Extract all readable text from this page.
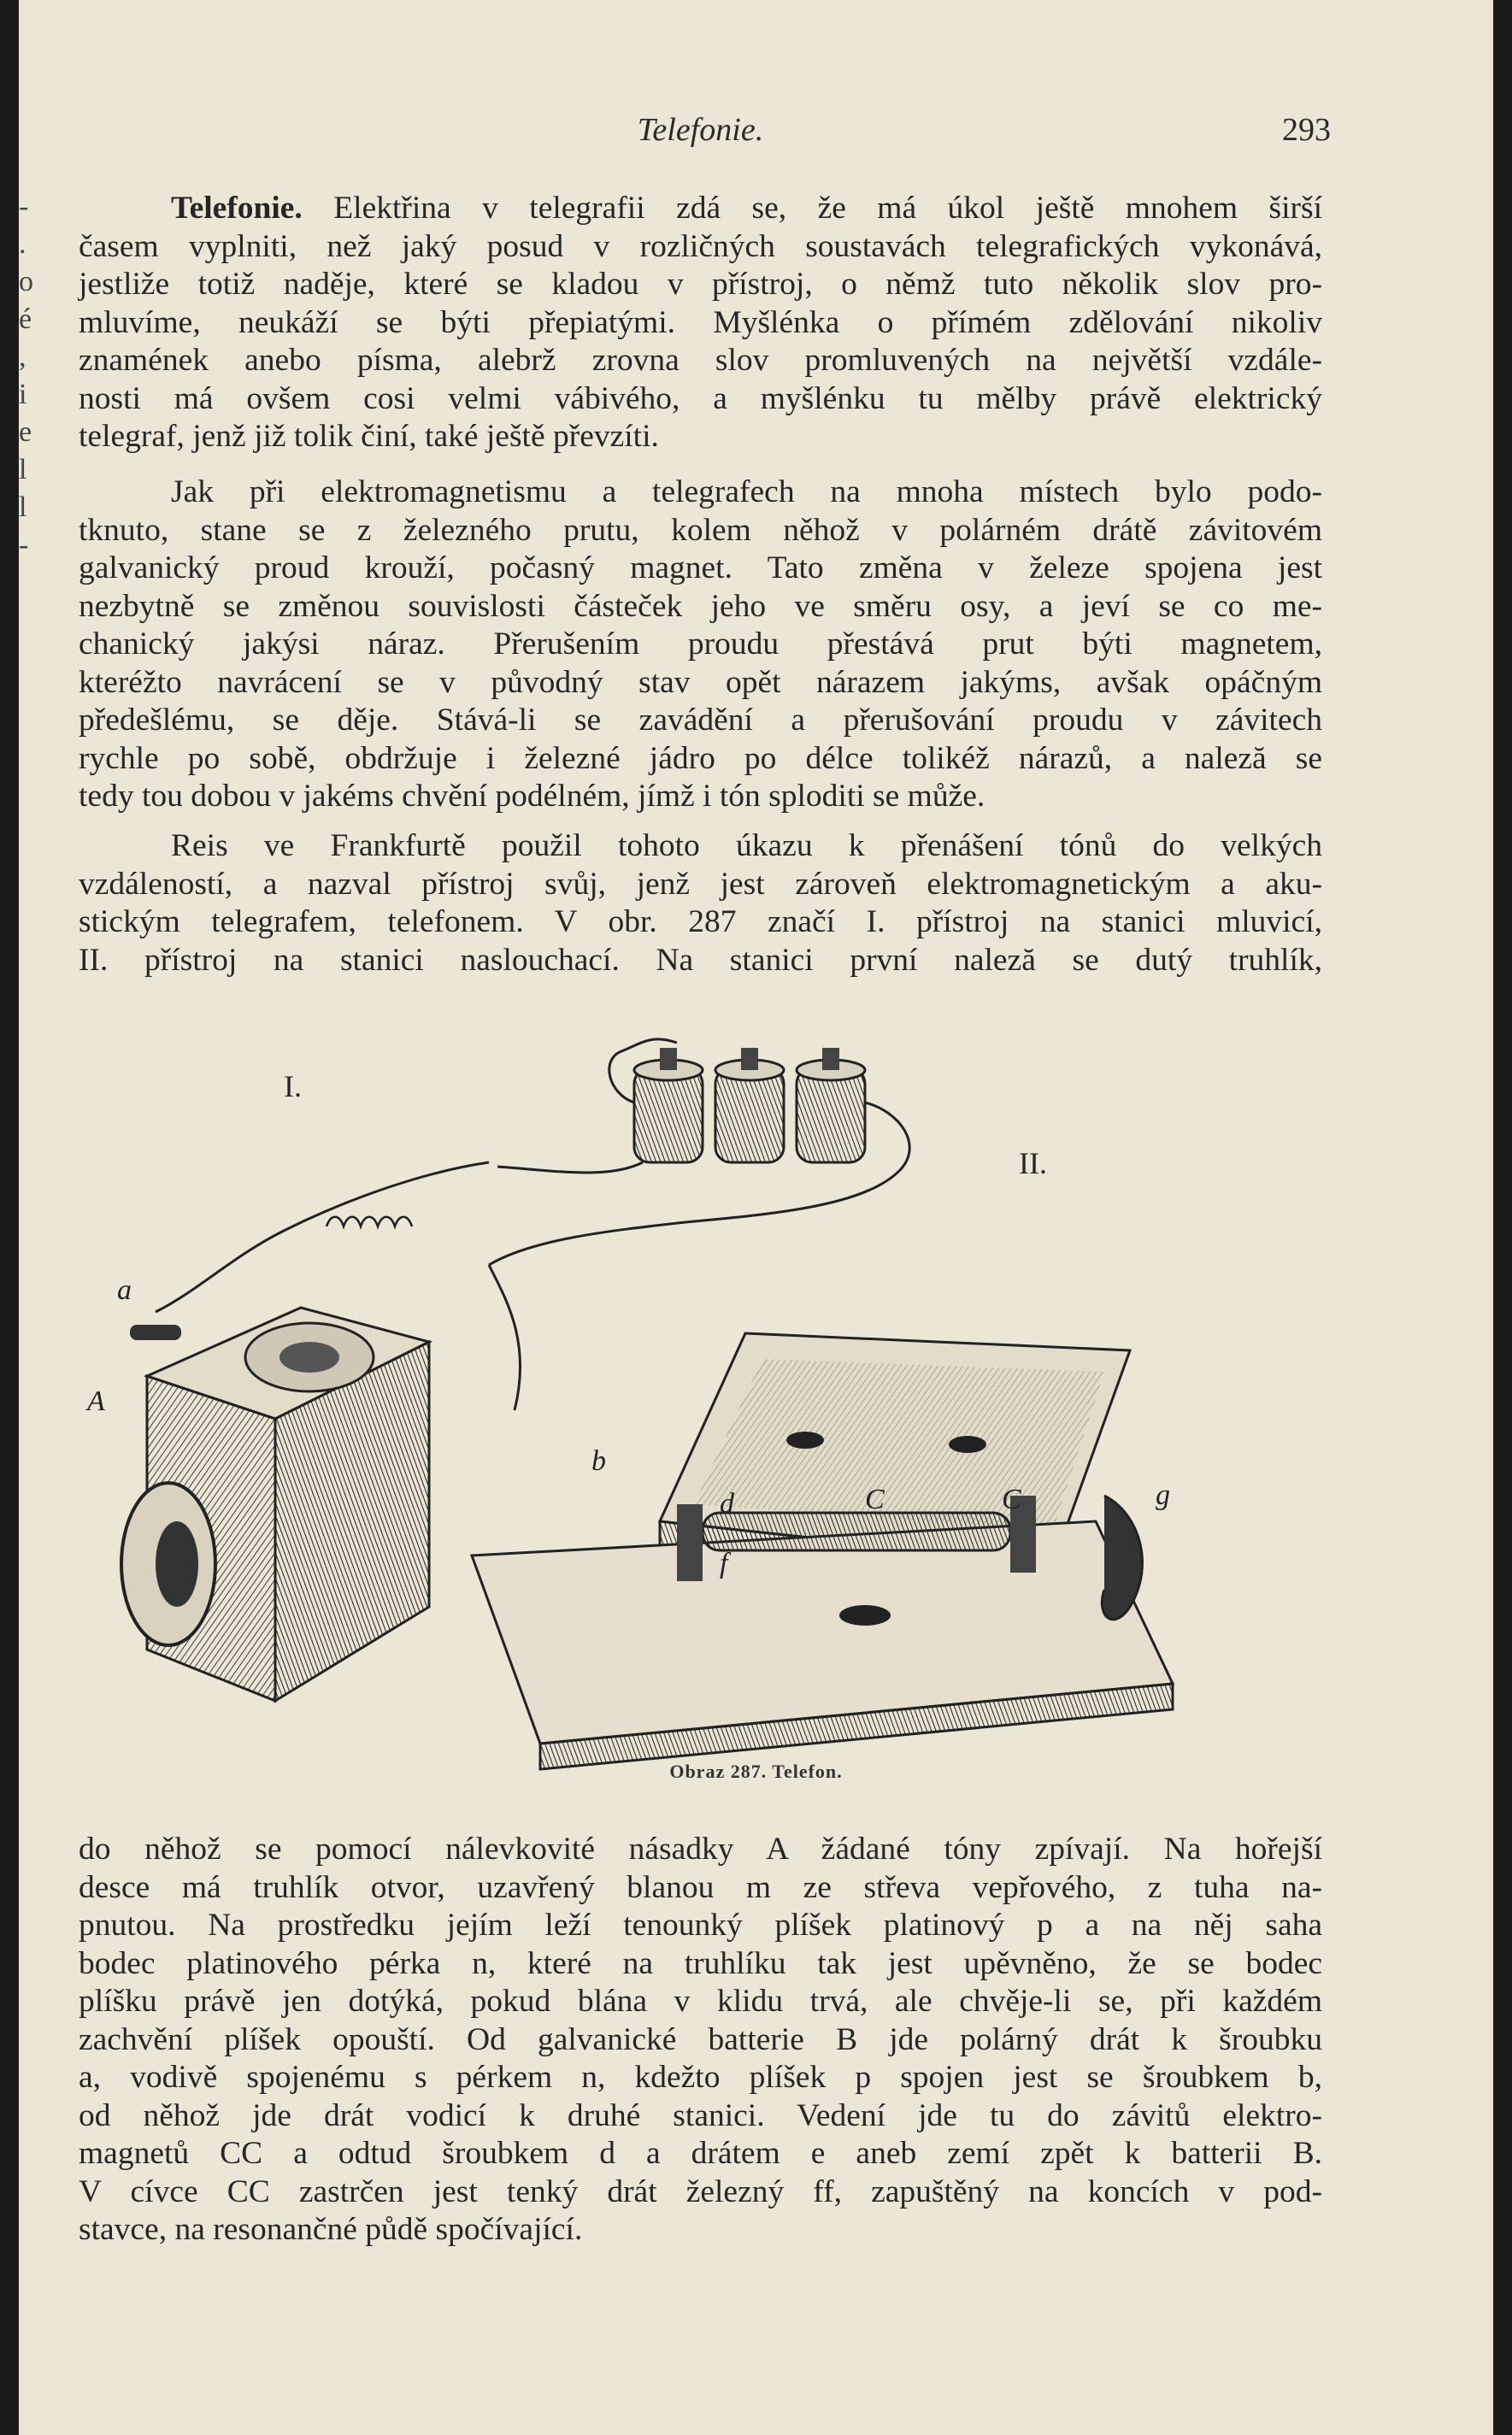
-
.
o
é
,
i
e
l
l
-
Telefonie.	293
Telefonie. Elektřina v telegrafii zdá se, že má úkol ještě mnohem širší
časem vyplniti, než jaký posud v rozličných soustavách telegrafických vykonává,
jestliže totiž naděje, které se kladou v přístroj, o němž tuto několik slov pro-
mluvíme, neukáží se býti přepiatými. Myšlénka o přímém zdělování nikoliv
znamének anebo písma, alebrž zrovna slov promluvených na největší vzdále-
nosti má ovšem cosi velmi vábivého, a myšlénku tu mělby právě elektrický
telegraf, jenž již tolik činí, také ještě převzíti.
Jak při elektromagnetismu a telegrafech na mnoha místech bylo podo-
tknuto, stane se z železného prutu, kolem něhož v polárném drátě závitovém
galvanický proud krouží, počasný magnet. Tato změna v železe spojena jest
nezbytně se změnou souvislosti částeček jeho ve směru osy, a jeví se co me-
chanický jakýsi náraz. Přerušením proudu přestává prut býti magnetem,
kteréžto navrácení se v původný stav opět nárazem jakýms, avšak opáčným
předešlému, se děje. Stává-li se zavádění a přerušování proudu v závitech
rychle po sobě, obdržuje i železné jádro po délce tolikéž nárazů, a naleză se
tedy tou dobou v jakéms chvění podélném, jímž i tón sploditi se může.
Reis ve Frankfurtě použil tohoto úkazu k přenášení tónů do velkých
vzdáleností, a nazval přístroj svůj, jenž jest zároveň elektromagnetickým a aku-
stickým telegrafem, telefonem. V obr. 287 značí I. přístroj na stanici mluvicí,
II. přístroj na stanici naslouchací. Na stanici první naleză se dutý truhlík,
a
A
b
d
f
C	C	g
I.
II.
Obraz 287. Telefon.
do něhož se pomocí nálevkovité násadky A žádané tóny zpívají. Na hořejší
desce má truhlík otvor, uzavřený blanou m ze střeva vepřového, z tuha na-
pnutou. Na prostředku jejím leží tenounký plíšek platinový p a na něj saha
bodec platinového pérka n, které na truhlíku tak jest upěvněno, že se bodec
plíšku právě jen dotýká, pokud blána v klidu trvá, ale chvěje-li se, při každém
zachvění plíšek opouští. Od galvanické batterie B jde polárný drát k šroubku
a, vodivě spojenému s pérkem n, kdežto plíšek p spojen jest se šroubkem b,
od něhož jde drát vodicí k druhé stanici. Vedení jde tu do závitů elektro-
magnetů CC a odtud šroubkem d a drátem e aneb zemí zpět k batterii B.
V cívce CC zastrčen jest tenký drát železný ff, zapuštěný na koncích v pod-
stavce, na resonančné půdě spočívající.
